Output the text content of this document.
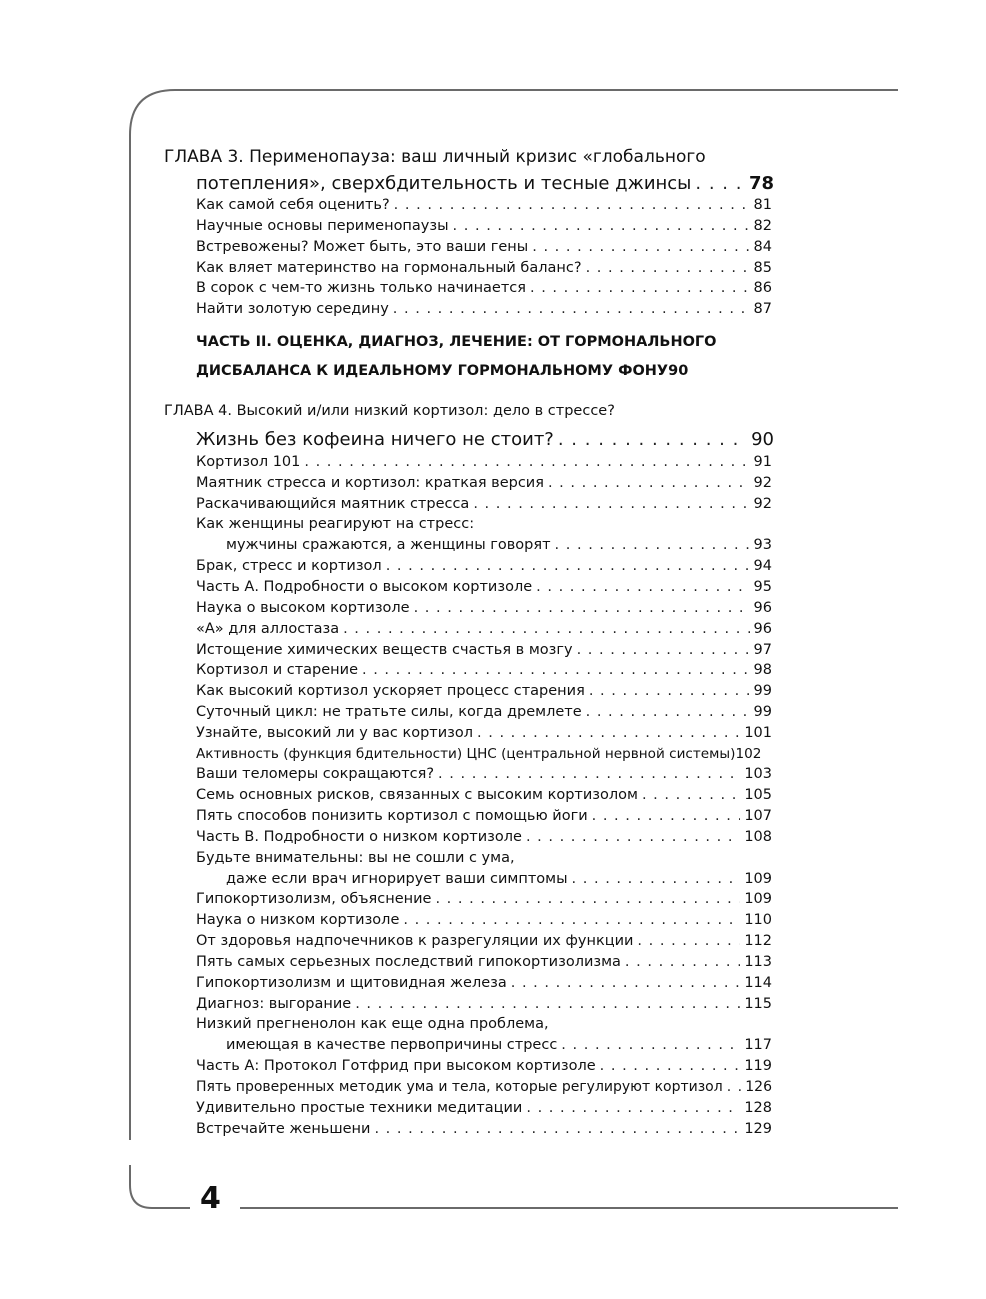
4
ГЛАВА 3. Перименопауза: ваш личный кризис «глобального
потепления», сверхбдительность и тесные джинсы . . .	78
Как самой себя оценить? . . .	81
Научные основы перименопаузы . . .	82
Встревожены? Может быть, это ваши гены . . .	84
Как вляет материнство на гормональный баланс? . . .	85
В сорок с чем-то жизнь только начинается . . .	86
Найти золотую середину . . .	87
ЧАСТЬ II. ОЦЕНКА, ДИАГНОЗ, ЛЕЧЕНИЕ: ОТ ГОРМОНАЛЬНОГО
ДИСБАЛАНСА К ИДЕАЛЬНОМУ ГОРМОНАЛЬНОМУ ФОНУ90
ГЛАВА 4. Высокий и/или низкий кортизол: дело в стрессе?
Жизнь без кофеина ничего не стоит? . . .	90
Кортизол 101 . . .	91
Маятник стресса и кортизол: краткая версия . . .	92
Раскачивающийся маятник стресса . . .	92
Как женщины реагируют на стресс:
мужчины сражаются, а женщины говорят . . .	93
Брак, стресс и кортизол . . .	94
Часть А. Подробности о высоком кортизоле . . .	95
Наука о высоком кортизоле . . .	96
«А» для аллостаза . . .	96
Истощение химических веществ счастья в мозгу . . .	97
Кортизол и старение . . .	98
Как высокий кортизол ускоряет процесс старения . . .	99
Суточный цикл: не тратьте силы, когда дремлете . . .	99
Узнайте, высокий ли у вас кортизол . . .	101
Активность (функция бдительности) ЦНС (центральной нервной системы) 102
Ваши теломеры сокращаются? . . .	103
Семь основных рисков, связанных с высоким кортизолом . . .	105
Пять способов понизить кортизол с помощью йоги . . .	107
Часть В. Подробности о низком кортизоле . . .	108
Будьте внимательны: вы не сошли с ума,
даже если врач игнорирует ваши симптомы . . .	109
Гипокортизолизм, объяснение . . .	109
Наука о низком кортизоле . . .	110
От здоровья надпочечников к разрегуляции их функции . . .	112
Пять самых серьезных последствий гипокортизолизма . . .	113
Гипокортизолизм и щитовидная железа . . .	114
Диагноз: выгорание . . .	115
Низкий прегненолон как еще одна проблема,
имеющая в качестве первопричины стресс . . .	117
Часть А: Протокол Готфрид при высоком кортизоле . . .	119
Пять проверенных методик ума и тела, которые регулируют кортизол . . . 126
Удивительно простые техники медитации . . .	128
Встречайте женьшени . . .	129
